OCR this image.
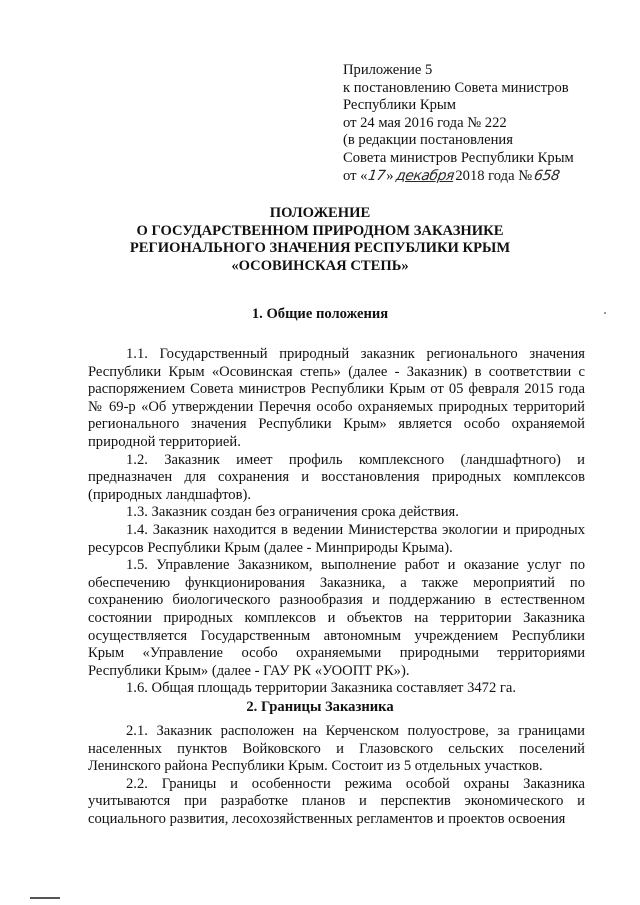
Приложение 5
к постановлению Совета министров
Республики Крым
от 24 мая 2016 года № 222
(в редакции постановления
Совета министров Республики Крым
от «17»декабря2018 года №658
ПОЛОЖЕНИЕ
О ГОСУДАРСТВЕННОМ ПРИРОДНОМ ЗАКАЗНИКЕ
РЕГИОНАЛЬНОГО ЗНАЧЕНИЯ РЕСПУБЛИКИ КРЫМ
«ОСОВИНСКАЯ СТЕПЬ»
1. Общие положения

1.1. Государственный природный заказник регионального значения Республики Крым «Осовинская степь» (далее - Заказник) в соответствии с распоряжением Совета министров Республики Крым от 05 февраля 2015 года № 69-р «Об утверждении Перечня особо охраняемых природных территорий регионального значения Республики Крым» является особо охраняемой природной территорией.

1.2. Заказник имеет профиль комплексного (ландшафтного) и предназначен для сохранения и восстановления природных комплексов (природных ландшафтов).

1.3. Заказник создан без ограничения срока действия.

1.4. Заказник находится в ведении Министерства экологии и природных ресурсов Республики Крым (далее - Минприроды Крыма).

1.5. Управление Заказником, выполнение работ и оказание услуг по обеспечению функционирования Заказника, а также мероприятий по сохранению биологического разнообразия и поддержанию в естественном состоянии природных комплексов и объектов на территории Заказника осуществляется Государственным автономным учреждением Республики Крым «Управление особо охраняемыми природными территориями Республики Крым» (далее - ГАУ РК «УООПТ РК»).

1.6. Общая площадь территории Заказника составляет 3472 га.

2. Границы Заказника

2.1. Заказник расположен на Керченском полуострове, за границами населенных пунктов Войковского и Глазовского сельских поселений Ленинского района Республики Крым. Состоит из 5 отдельных участков.

2.2. Границы и особенности режима особой охраны Заказника учитываются при разработке планов и перспектив экономического и социального развития, лесохозяйственных регламентов и проектов освоения
